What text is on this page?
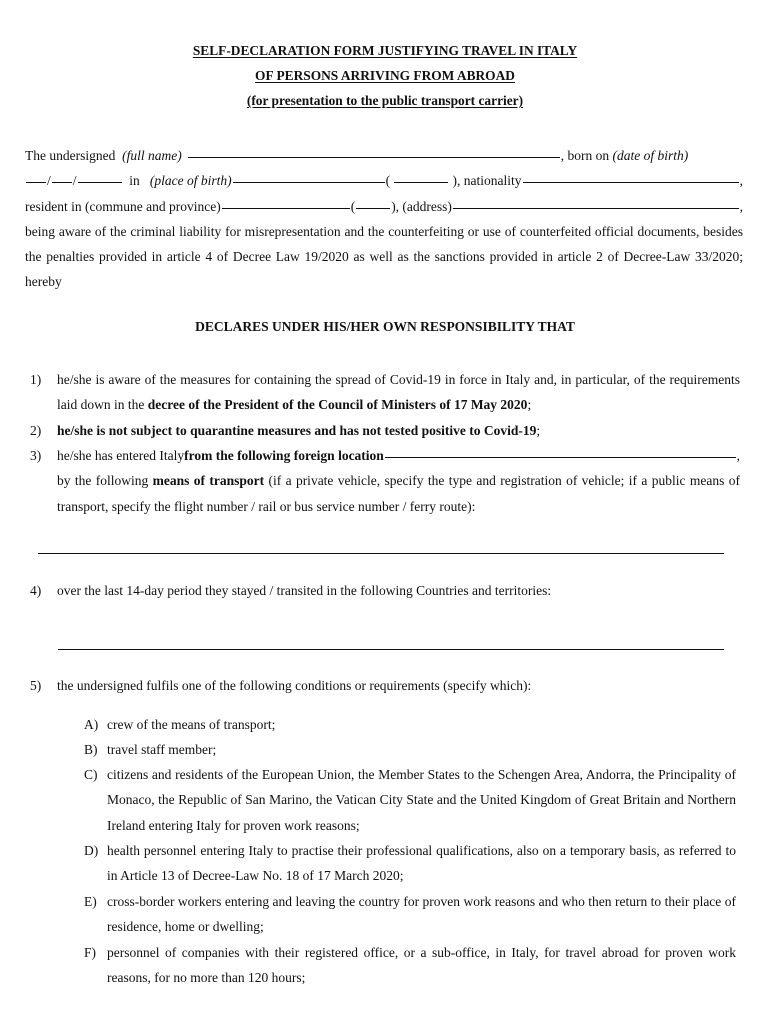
SELF-DECLARATION FORM JUSTIFYING TRAVEL IN ITALY
OF PERSONS ARRIVING FROM ABROAD
(for presentation to the public transport carrier)
The undersigned
(full name)	, born on
(date of birth)
/ /
	in
(place of birth)	(
	), nationality	,
resident in (commune and province)	(	), (address)	,
being aware of the criminal liability for misrepresentation and the counterfeiting or use of counterfeited official documents, besides the penalties provided in article 4 of Decree Law 19/2020 as well as the sanctions provided in article 2 of Decree-Law 33/2020; hereby
DECLARES UNDER HIS/HER OWN RESPONSIBILITY THAT
1)	he/she is aware of the measures for containing the spread of Covid-19 in force in Italy and, in particular, of the requirements laid down in the decree of the President of the Council of Ministers of 17 May 2020;
2)	he/she is not subject to quarantine measures and has not tested positive to Covid-19;
3)	he/she has entered Italy from the following foreign location	,
by the following means of transport (if a private vehicle, specify the type and registration of vehicle; if a public means of transport, specify the flight number / rail or bus service number / ferry route):
4)	over the last 14-day period they stayed / transited in the following Countries and territories:
5)	the undersigned fulfils one of the following conditions or requirements (specify which):
A) crew of the means of transport;
B) travel staff member;
C) citizens and residents of the European Union, the Member States to the Schengen Area, Andorra, the Principality of Monaco, the Republic of San Marino, the Vatican City State and the United Kingdom of Great Britain and Northern Ireland entering Italy for proven work reasons;
D) health personnel entering Italy to practise their professional qualifications, also on a temporary basis, as referred to in Article 13 of Decree-Law No. 18 of 17 March 2020;
E) cross-border workers entering and leaving the country for proven work reasons and who then return to their place of residence, home or dwelling;
F) personnel of companies with their registered office, or a sub-office, in Italy, for travel abroad for proven work reasons, for no more than 120 hours;
